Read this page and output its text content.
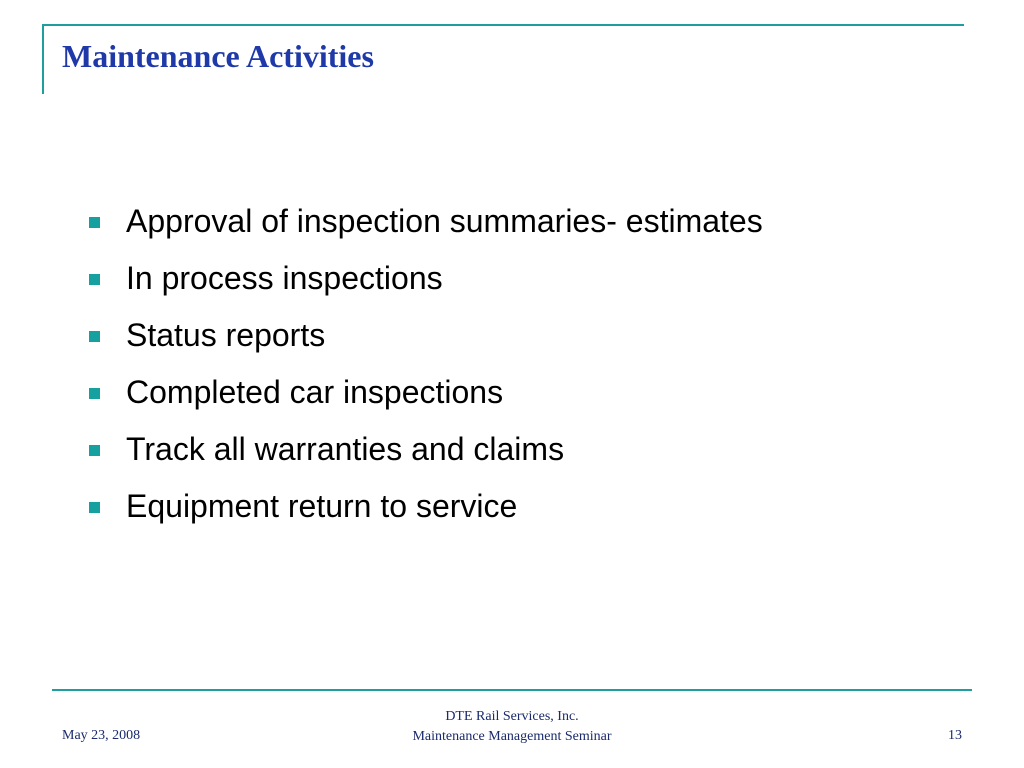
Maintenance Activities
Approval of inspection summaries- estimates
In process inspections
Status reports
Completed car inspections
Track all warranties and claims
Equipment return to service
May 23, 2008
DTE Rail Services, Inc.
Maintenance Management Seminar	13
